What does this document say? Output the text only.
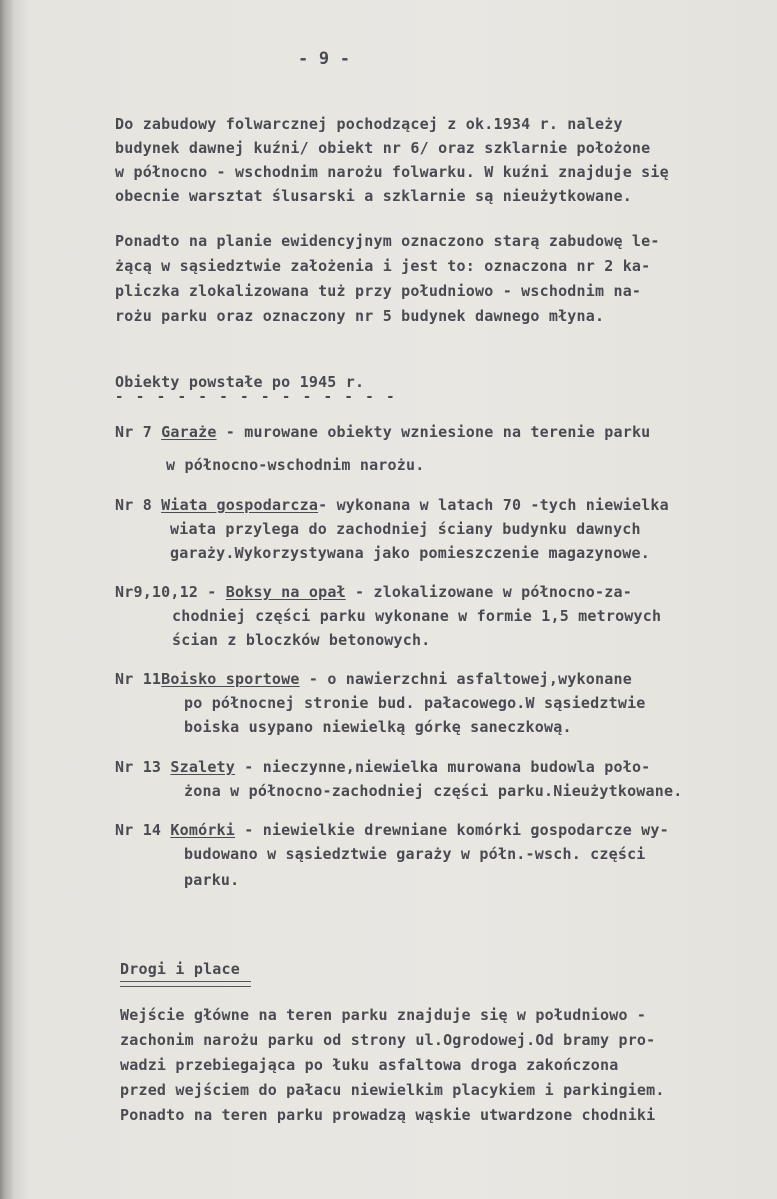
- 9 -
Do zabudowy folwarcznej pochodzącej z ok.1934 r. należy
budynek dawnej kuźni/ obiekt nr 6/ oraz szklarnie położone
w północno - wschodnim narożu folwarku. W kuźni znajduje się
obecnie warsztat ślusarski a szklarnie są nieużytkowane.
Ponadto na planie ewidencyjnym oznaczono starą zabudowę le-
żącą w sąsiedztwie założenia i jest to: oznaczona nr 2 ka-
pliczka zlokalizowana tuż przy południowo - wschodnim na-
rożu parku oraz oznaczony nr 5 budynek dawnego młyna.
Obiekty powstałe po 1945 r.
- - - - - - - - - - - - - -
Nr 7 Garaże - murowane obiekty wzniesione na terenie parku
w północno-wschodnim narożu.
Nr 8 Wiata gospodarcza- wykonana w latach 70 -tych niewielka
wiata przylega do zachodniej ściany budynku dawnych
garaży.Wykorzystywana jako pomieszczenie magazynowe.
Nr9,10,12 - Boksy na opał - zlokalizowane w północno-za-
chodniej części parku wykonane w formie 1,5 metrowych
ścian z bloczków betonowych.
Nr 11Boisko sportowe - o nawierzchni asfaltowej,wykonane
po północnej stronie bud. pałacowego.W sąsiedztwie
boiska usypano niewielką górkę saneczkową.
Nr 13 Szalety - nieczynne,niewielka murowana budowla poło-
żona w północno-zachodniej części parku.Nieużytkowane.
Nr 14 Komórki - niewielkie drewniane komórki gospodarcze wy-
budowano w sąsiedztwie garaży w półn.-wsch. części
parku.
Drogi i place
Wejście główne na teren parku znajduje się w południowo -
zachonim narożu parku od strony ul.Ogrodowej.Od bramy pro-
wadzi przebiegająca po łuku asfaltowa droga zakończona
przed wejściem do pałacu niewielkim placykiem i parkingiem.
Ponadto na teren parku prowadzą wąskie utwardzone chodniki
